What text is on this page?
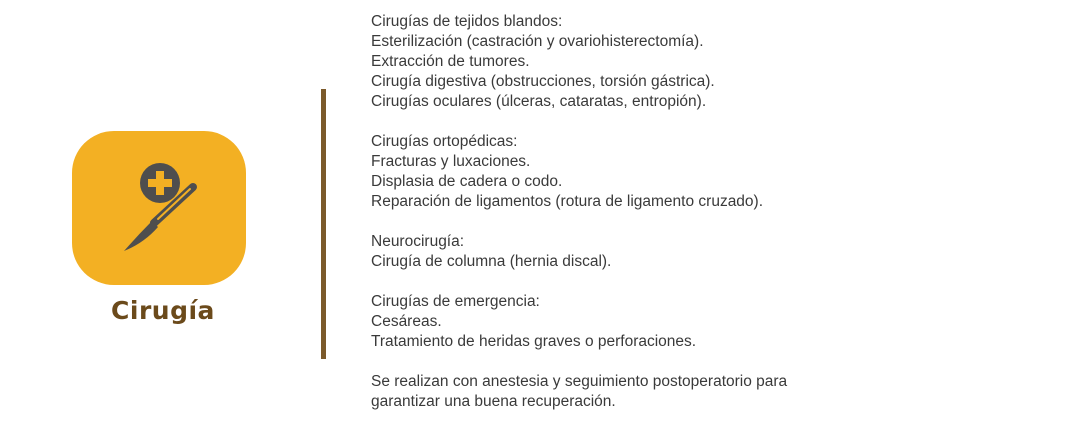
Cirugía
Cirugías de tejidos blandos:
Esterilización (castración y ovariohisterectomía).
Extracción de tumores.
Cirugía digestiva (obstrucciones, torsión gástrica).
Cirugías oculares (úlceras, cataratas, entropión).
Cirugías ortopédicas:
Fracturas y luxaciones.
Displasia de cadera o codo.
Reparación de ligamentos (rotura de ligamento cruzado).
Neurocirugía:
Cirugía de columna (hernia discal).
Cirugías de emergencia:
Cesáreas.
Tratamiento de heridas graves o perforaciones.
Se realizan con anestesia y seguimiento postoperatorio para
garantizar una buena recuperación.
